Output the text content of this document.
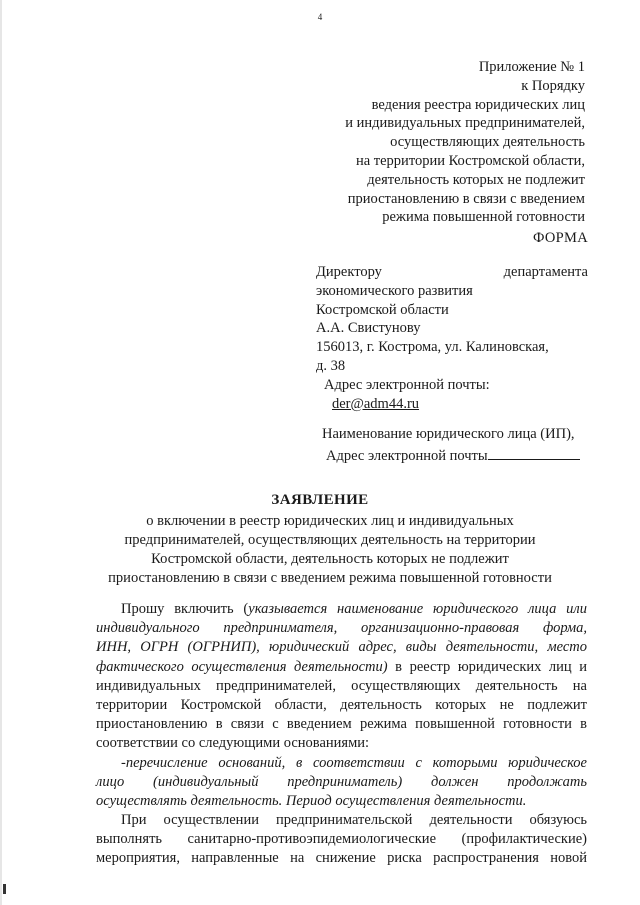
4
Приложение № 1
к Порядку
ведения реестра юридических лиц
и индивидуальных предпринимателей,
осуществляющих деятельность
на территории Костромской области,
деятельность которых не подлежит
приостановлению в связи с введением
режима повышенной готовности
ФОРМА
Директору	департамента
экономического развития
Костромской области
А.А. Свистунову
156013, г. Кострома, ул. Калиновская,
д. 38
Адрес электронной почты:
der@adm44.ru
Наименование юридического лица (ИП),
Адрес электронной почты
ЗАЯВЛЕНИЕ
о включении в реестр юридических лиц и индивидуальных
предпринимателей, осуществляющих деятельность на территории
Костромской области, деятельность которых не подлежит
приостановлению в связи с введением режима повышенной готовности
Прошу включить (указывается наименование юридического лица или
индивидуального предпринимателя, организационно-правовая форма,
ИНН, ОГРН (ОГРНИП), юридический адрес, виды деятельности, место
фактического осуществления деятельности) в реестр юридических лиц и
индивидуальных предпринимателей, осуществляющих деятельность на
территории Костромской области, деятельность которых не подлежит
приостановлению в связи с введением режима повышенной готовности в
соответствии со следующими основаниями:
-перечисление оснований, в соответствии с которыми юридическое
лицо (индивидуальный предприниматель) должен продолжать
осуществлять деятельность. Период осуществления деятельности.
При осуществлении предпринимательской деятельности обязуюсь
выполнять санитарно-противоэпидемиологические (профилактические)
мероприятия, направленные на снижение риска распространения новой
